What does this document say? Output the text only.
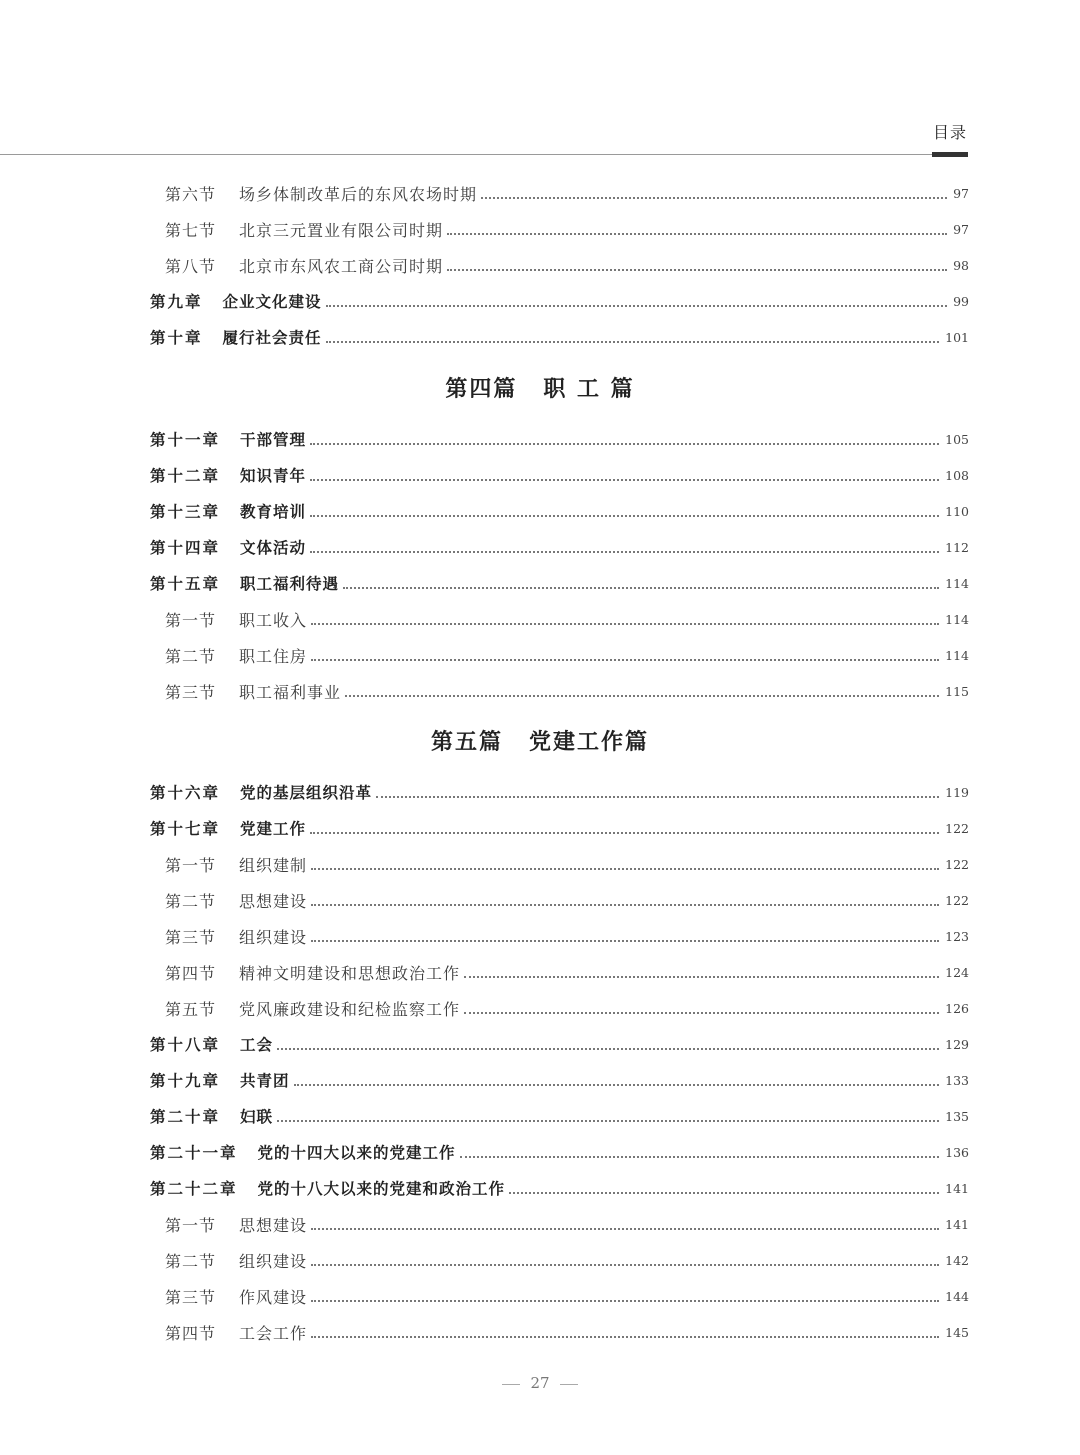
目录
第六节	场乡体制改革后的东风农场时期	97
第七节	北京三元置业有限公司时期	97
第八节	北京市东风农工商公司时期	98
第九章	企业文化建设	99
第十章	履行社会责任	101
第四篇 职 工 篇
第十一章	干部管理	105
第十二章	知识青年	108
第十三章	教育培训	110
第十四章	文体活动	112
第十五章	职工福利待遇	114
第一节	职工收入	114
第二节	职工住房	114
第三节	职工福利事业	115
第五篇 党建工作篇
第十六章	党的基层组织沿革	119
第十七章	党建工作	122
第一节	组织建制	122
第二节	思想建设	122
第三节	组织建设	123
第四节	精神文明建设和思想政治工作	124
第五节	党风廉政建设和纪检监察工作	126
第十八章	工会	129
第十九章	共青团	133
第二十章	妇联	135
第二十一章	党的十四大以来的党建工作	136
第二十二章	党的十八大以来的党建和政治工作	141
第一节	思想建设	141
第二节	组织建设	142
第三节	作风建设	144
第四节	工会工作	145
27
